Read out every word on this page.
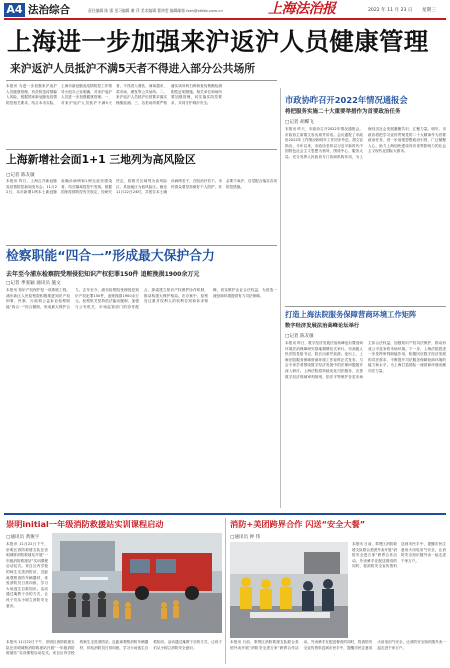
A4 法治综合	责任编辑 陈 强 见习编辑 谢 萍 美术编辑 曹鸿雯 编辑邮箱 fzzh@shfzb.com.cn	上海法治报	2022 年 11 月 23 日 星期三
上海进一步加强来沪返沪人员健康管理
来沪返沪人员抵沪不满5天者不得进入部分公共场所
本报讯 为进一步加强来沪返沪人员健康管理，有效防范疫情输入风险，根据国家新冠肺炎疫情防控相关要求，结合本市实际，上海市新冠肺炎疫情防控工作领导小组办公室明确，对来沪返沪人员进一步加强健康管理。一、对来沪返沪人员抵沪不满5天者，不得进入餐饮、商场超市、菜市场、理发等公共场所。二、来沪返沪人员抵沪后按要求落实核酸检测。三、各类场所要严格落实场所码扫码和查验核酸检测阴性证明措施。相关单位和场所要加强管理，切实落实防控要求，共同守护城市安全。
上海新增社会面1+1 三地列为高风险区
□记者 陈友敏
本报讯 昨日，上海召开新冠肺炎疫情防控新闻发布会。11月22日，本市新增1例本土新冠肺炎确诊病例和1例无症状感染者，均在隔离管控中发现。根据国家疫情防控有关规定，经研究决定，将相关区域列为高风险区，其他地区为低风险区。截至11月22日24时，共报告本土确诊病例若干，在院治疗若干。市民群众要坚持做好个人防护，非必要不离沪，自觉配合落实各项防控措施。
检察职能“四合一”形成最大保护合力
去年至今浦东检察院受理侵犯知识产权犯罪150件 追赃挽损1900余万元
□记者 季张颖 通讯员 施文
本报讯 知识产权保护是一项系统工程。浦东新区人民检察院积极推进知识产权刑事、民事、行政和公益诉讼检察职能“四合一”综合履职，形成最大保护合力。去年至今，浦东检察院受理侵犯知识产权犯罪150件，追赃挽损1900余万元。检察机关坚持依法能动履职，加强与公安机关、市场监管部门的协作配合，探索建立知识产权保护协作机制，推动构建大保护格局。在办案中，检察官注重对权利人的权利告知和诉求保障，切实维护企业合法权益，为营造一流营商环境提供有力司法保障。
市政协昨召开2022年情况通报会
将把服务实施二十大重要举措作为首要政治任务
□记者 胡蝶飞
本报讯 昨天，市政协召开2022年情况通报会。市政协主席胡文容出席并讲话。会议通报了市政协2022年工作情况和明年工作初步考虑。胡文容指出，今年以来，市政协坚持以习近平新时代中国特色社会主义思想为指导，围绕中心、服务大局，充分发挥人民政协专门协商机构作用，为上海经济社会发展凝聚共识、汇聚力量。明年，市政协将把学习宣传贯彻党的二十大精神作为首要政治任务，进一步加强思想政治引领，广泛凝聚人心，助力上海加快建设具有世界影响力的社会主义现代化国际大都市。
打造上海法院服务保障营商环境工作矩阵
数字经济发展法治高峰论坛举行
□记者 陈友敏
本报讯 昨日，数字经济发展法治高峰论坛暨营商环境法治保障研究基地揭牌仪式举行。市高级人民法院党组书记、院长出席并致辞。论坛上，上海法院服务保障营商环境工作矩阵正式发布。与会专家学者围绕数字经济发展中的法律问题展开深入研讨。上海法院将持续优化司法服务，完善数字经济领域审判规则，依法平等保护各类市场主体合法权益，加强知识产权司法保护，推动形成公平竞争的市场环境。下一步，上海法院将进一步发挥审判职能作用，积极回应数字经济发展的司法需求，不断提升司法服务保障营商环境的能力和水平，为上海打造国际一流营商环境贡献司法力量。
崇明initial一年级消防救援站实训课程启动
□通讯员 黄俊宇
本报讯 11月22日下午，崇明区消防救援支队在崇明城桥消防救援站开展“一年级消防救援站”实训课程启动仪式。来自区内学校的师生走进消防站，近距离观察消防车辆器材，体验消防员日常训练，学习火场逃生自救知识。活动通过寓教于乐的方式，让孩子们从小树立消防安全意识。
本报讯 11月22日下午，崇明区消防救援支队在崇明城桥消防救援站开展“一年级消防救援站”实训课程启动仪式。来自区内学校的师生走进消防站，近距离观察消防车辆器材，体验消防员日常训练，学习火场逃生自救知识。活动通过寓教于乐的方式，让孩子们从小树立消防安全意识。
消防+美团跨界合作 闪送“安全大餐”
□通讯员 钟 伟
本报讯 日前，奉贤区消防救援支队联合美团外卖开展“消防安全进万家”跨界合作活动。外卖骑手在配送餐食的同时，将消防安全宣传资料送到市民手中，提醒市民注意用火用电用气安全，让消防安全知识随外卖一起走进千家万户。
本报讯 日前，奉贤区消防救援支队联合美团外卖开展“消防安全进万家”跨界合作活动。外卖骑手在配送餐食的同时，将消防安全宣传资料送到市民手中，提醒市民注意用火用电用气安全，让消防安全知识随外卖一起走进千家万户。
